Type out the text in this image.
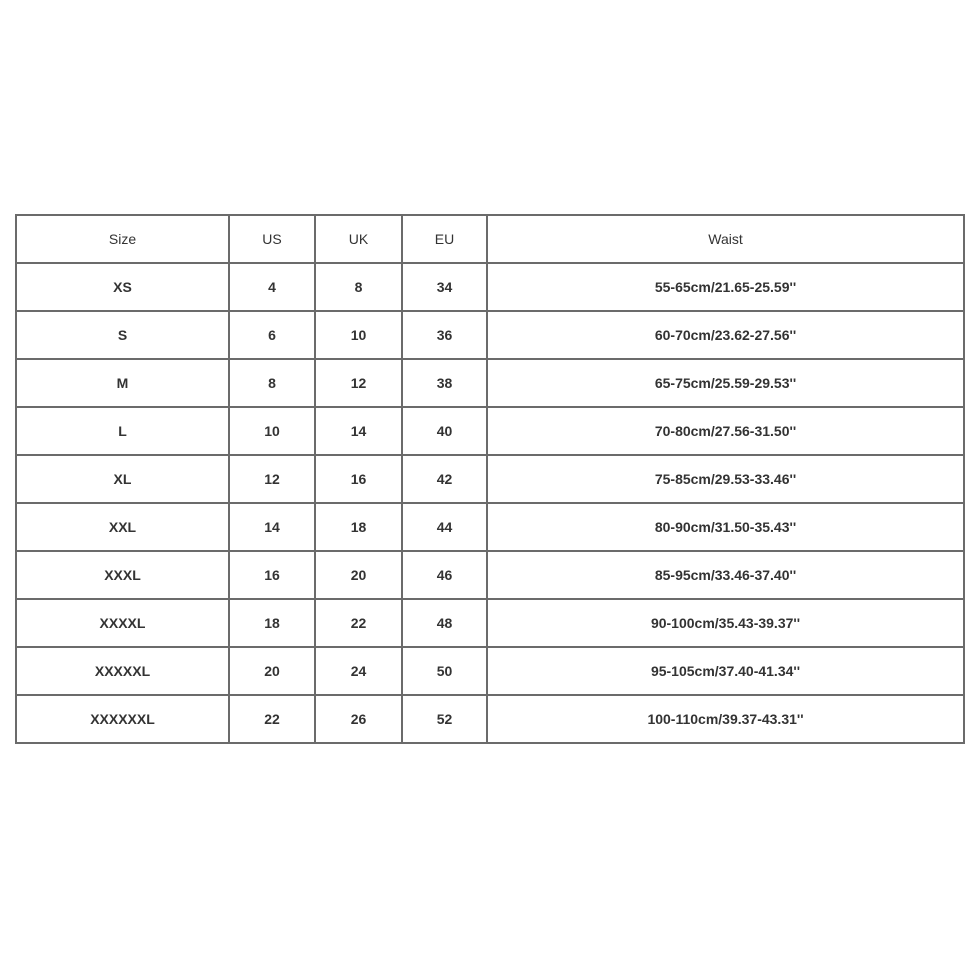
Size	US	UK	EU	Waist
XS	4	8	34	55-65cm/21.65-25.59''
S	6	10	36	60-70cm/23.62-27.56''
M	8	12	38	65-75cm/25.59-29.53''
L	10	14	40	70-80cm/27.56-31.50''
XL	12	16	42	75-85cm/29.53-33.46''
XXL	14	18	44	80-90cm/31.50-35.43''
XXXL	16	20	46	85-95cm/33.46-37.40''
XXXXL	18	22	48	90-100cm/35.43-39.37''
XXXXXL	20	24	50	95-105cm/37.40-41.34''
XXXXXXL	22	26	52	100-110cm/39.37-43.31''
